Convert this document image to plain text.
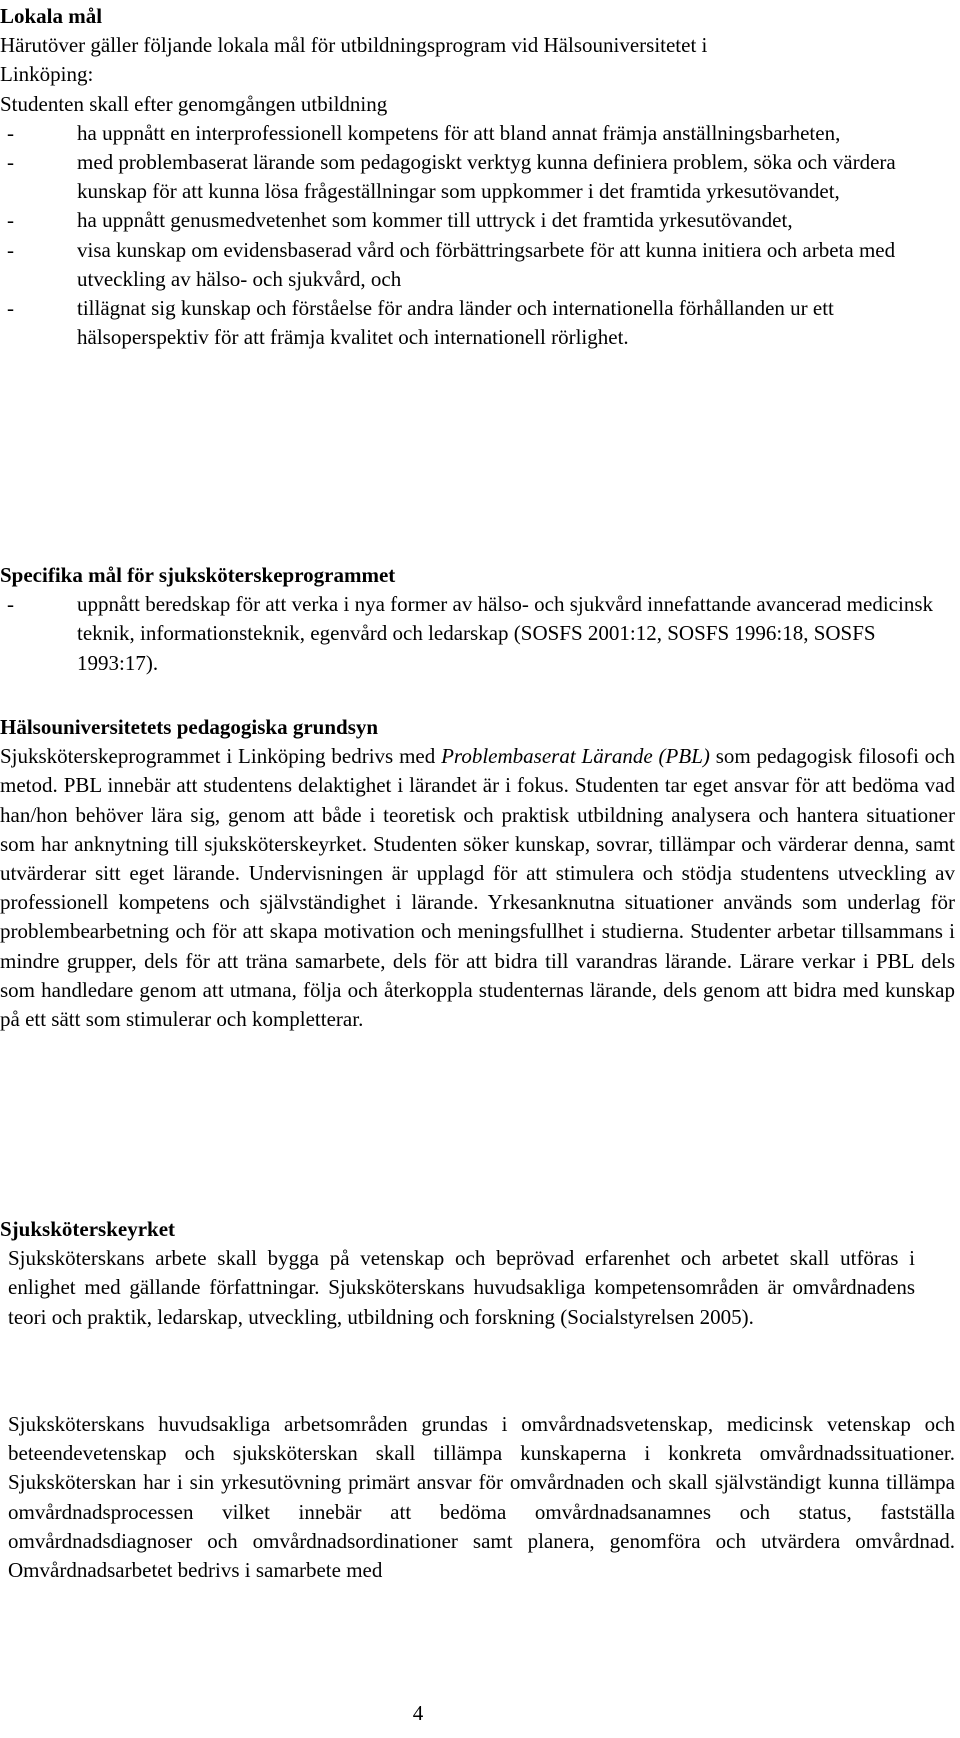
Lokala mål

Härutöver gäller följande lokala mål för utbildningsprogram vid Hälsouniversitetet i

Linköping:

Studenten skall efter genomgången utbildning

-	ha uppnått en interprofessionell kompetens för att bland annat främja anställningsbarheten,
-	med problembaserat lärande som pedagogiskt verktyg kunna definiera problem, söka och värdera kunskap för att kunna lösa frågeställningar som uppkommer i det framtida yrkesutövandet,
-	ha uppnått genusmedvetenhet som kommer till uttryck i det framtida yrkesutövandet,
-	visa kunskap om evidensbaserad vård och förbättringsarbete för att kunna initiera och arbeta med utveckling av hälso- och sjukvård, och
-	tillägnat sig kunskap och förståelse för andra länder och internationella förhållanden ur ett hälsoperspektiv för att främja kvalitet och internationell rörlighet.
Specifika mål för sjuksköterskeprogrammet
-	uppnått beredskap för att verka i nya former av hälso- och sjukvård innefattande avancerad medicinsk teknik, informationsteknik, egenvård och ledarskap (SOSFS 2001:12, SOSFS 1996:18, SOSFS 1993:17).
Hälsouniversitetets pedagogiska grundsyn

Sjuksköterskeprogrammet i Linköping bedrivs med Problembaserat Lärande (PBL) som pedagogisk filosofi och metod. PBL innebär att studentens delaktighet i lärandet är i fokus. Studenten tar eget ansvar för att bedöma vad han/hon behöver lära sig, genom att både i teoretisk och praktisk utbildning analysera och hantera situationer som har anknytning till sjuksköterskeyrket. Studenten söker kunskap, sovrar, tillämpar och värderar denna, samt utvärderar sitt eget lärande. Undervisningen är upplagd för att stimulera och stödja studentens utveckling av professionell kompetens och självständighet i lärande. Yrkesanknutna situationer används som underlag för problembearbetning och för att skapa motivation och meningsfullhet i studierna. Studenter arbetar tillsammans i mindre grupper, dels för att träna samarbete, dels för att bidra till varandras lärande. Lärare verkar i PBL dels som handledare genom att utmana, följa och återkoppla studenternas lärande, dels genom att bidra med kunskap på ett sätt som stimulerar och kompletterar.

Sjuksköterskeyrket

Sjuksköterskans arbete skall bygga på vetenskap och beprövad erfarenhet och arbetet skall utföras i enlighet med gällande författningar. Sjuksköterskans huvudsakliga kompetensområden är omvårdnadens teori och praktik, ledarskap, utveckling, utbildning och forskning (Socialstyrelsen 2005).

Sjuksköterskans huvudsakliga arbetsområden grundas i omvårdnadsvetenskap, medicinsk vetenskap och beteendevetenskap och sjuksköterskan skall tillämpa kunskaperna i konkreta omvårdnadssituationer. Sjuksköterskan har i sin yrkesutövning primärt ansvar för omvårdnaden och skall självständigt kunna tillämpa omvårdnadsprocessen vilket innebär att bedöma omvårdnadsanamnes och status, fastställa omvårdnadsdiagnoser och omvårdnadsordinationer samt planera, genomföra och utvärdera omvårdnad. Omvårdnadsarbetet bedrivs i samarbete med

4
